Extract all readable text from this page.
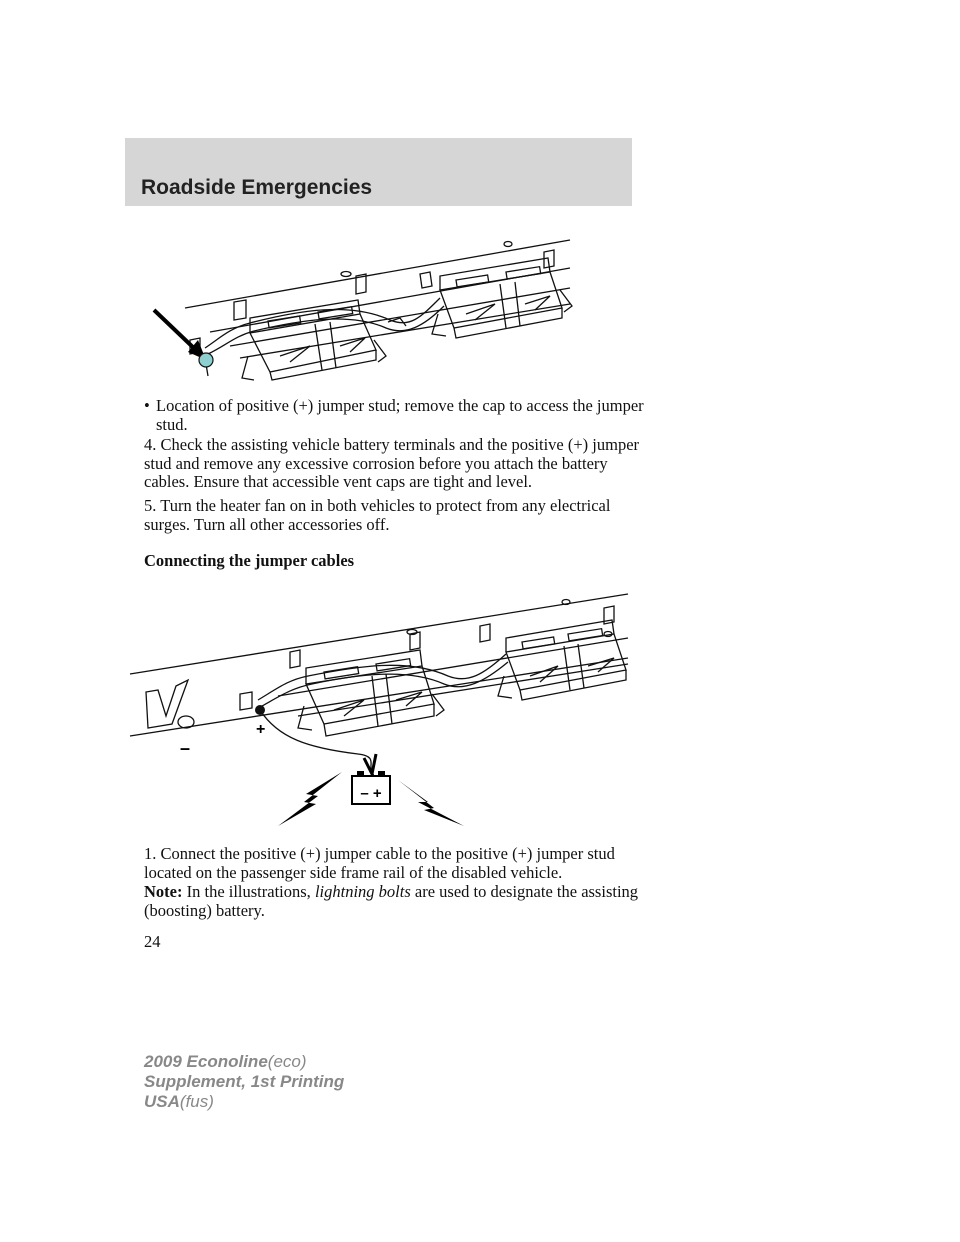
Roadside Emergencies
• Location of positive (+) jumper stud; remove the cap to access the jumper stud.

4. Check the assisting vehicle battery terminals and the positive (+) jumper stud and remove any excessive corrosion before you attach the battery cables. Ensure that accessible vent caps are tight and level.

5. Turn the heater fan on in both vehicles to protect from any electrical surges. Turn all other accessories off.

Connecting the jumper cables
+
–
– +

1. Connect the positive (+) jumper cable to the positive (+) jumper stud located on the passenger side frame rail of the disabled vehicle.

Note: In the illustrations, lightning bolts are used to designate the assisting (boosting) battery.

24
2009 Econoline(eco)
Supplement, 1st Printing
USA(fus)
